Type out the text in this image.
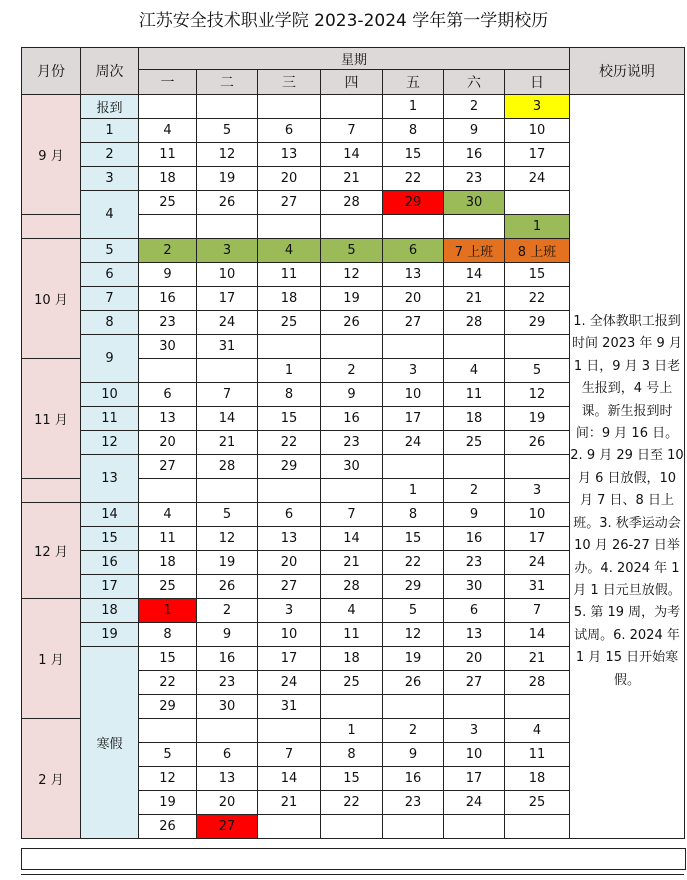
江苏安全技术职业学院 2023-2024 学年第一学期校历
月份	周次	星期							校历说明
		一	二	三	四	五	六	日	
9 月	报到					1	2	3	1. 全体教职工报到时间 2023 年 9 月 1 日，9 月 3 日老生报到，4 号上课。新生报到时间：9 月 16 日。2. 9 月 29 日至 10 月 6 日放假，10 月 7 日、8 日上班。3. 秋季运动会 10 月 26-27 日举办。4. 2024 年 1 月 1 日元旦放假。5. 第 19 周，为考试周。6. 2024 年 1 月 15 日开始寒假。

	1	4	5	6	7	8	9	10	
	2	11	12	13	14	15	16	17	
	3	18	19	20	21	22	23	24	
	4	25	26	27	28	29	30		
								1	
10 月	5	2	3	4	5	6	7 上班	8 上班	
	6	9	10	11	12	13	14	15	
	7	16	17	18	19	20	21	22	
	8	23	24	25	26	27	28	29	
	9	30	31						
11 月				1	2	3	4	5	
	10	6	7	8	9	10	11	12	
	11	13	14	15	16	17	18	19	
	12	20	21	22	23	24	25	26	
	13	27	28	29	30				
						1	2	3	
12 月	14	4	5	6	7	8	9	10	
	15	11	12	13	14	15	16	17	
	16	18	19	20	21	22	23	24	
	17	25	26	27	28	29	30	31	
1 月	18	1	2	3	4	5	6	7	
	19	8	9	10	11	12	13	14	
	寒假	15	16	17	18	19	20	21	
		22	23	24	25	26	27	28	
		29	30	31					
2 月					1	2	3	4	
		5	6	7	8	9	10	11	
		12	13	14	15	16	17	18	
		19	20	21	22	23	24	25	
		26	27						
